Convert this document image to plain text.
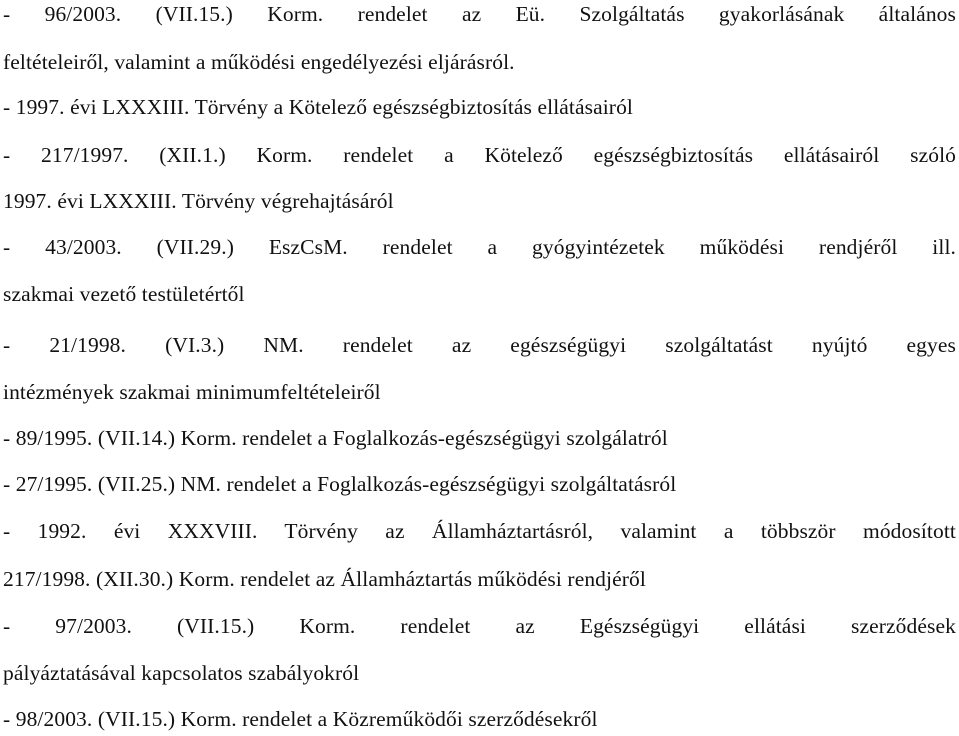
- 96/2003. (VII.15.) Korm. rendelet az Eü. Szolgáltatás gyakorlásának általános
feltételeiről, valamint a működési engedélyezési eljárásról.
- 1997. évi LXXXIII. Törvény a Kötelező egészségbiztosítás ellátásairól
- 217/1997. (XII.1.) Korm. rendelet a Kötelező egészségbiztosítás ellátásairól szóló
1997. évi LXXXIII. Törvény végrehajtásáról
- 43/2003. (VII.29.) EszCsM. rendelet a gyógyintézetek működési rendjéről ill.
szakmai vezető testületértől
- 21/1998. (VI.3.) NM. rendelet az egészségügyi szolgáltatást nyújtó egyes
intézmények szakmai minimumfeltételeiről
- 89/1995. (VII.14.) Korm. rendelet a Foglalkozás-egészségügyi szolgálatról
- 27/1995. (VII.25.) NM. rendelet a Foglalkozás-egészségügyi szolgáltatásról
- 1992. évi XXXVIII. Törvény az Államháztartásról, valamint a többször módosított
217/1998. (XII.30.) Korm. rendelet az Államháztartás működési rendjéről
- 97/2003. (VII.15.) Korm. rendelet az Egészségügyi ellátási szerződések
pályáztatásával kapcsolatos szabályokról
- 98/2003. (VII.15.) Korm. rendelet a Közreműködői szerződésekről
